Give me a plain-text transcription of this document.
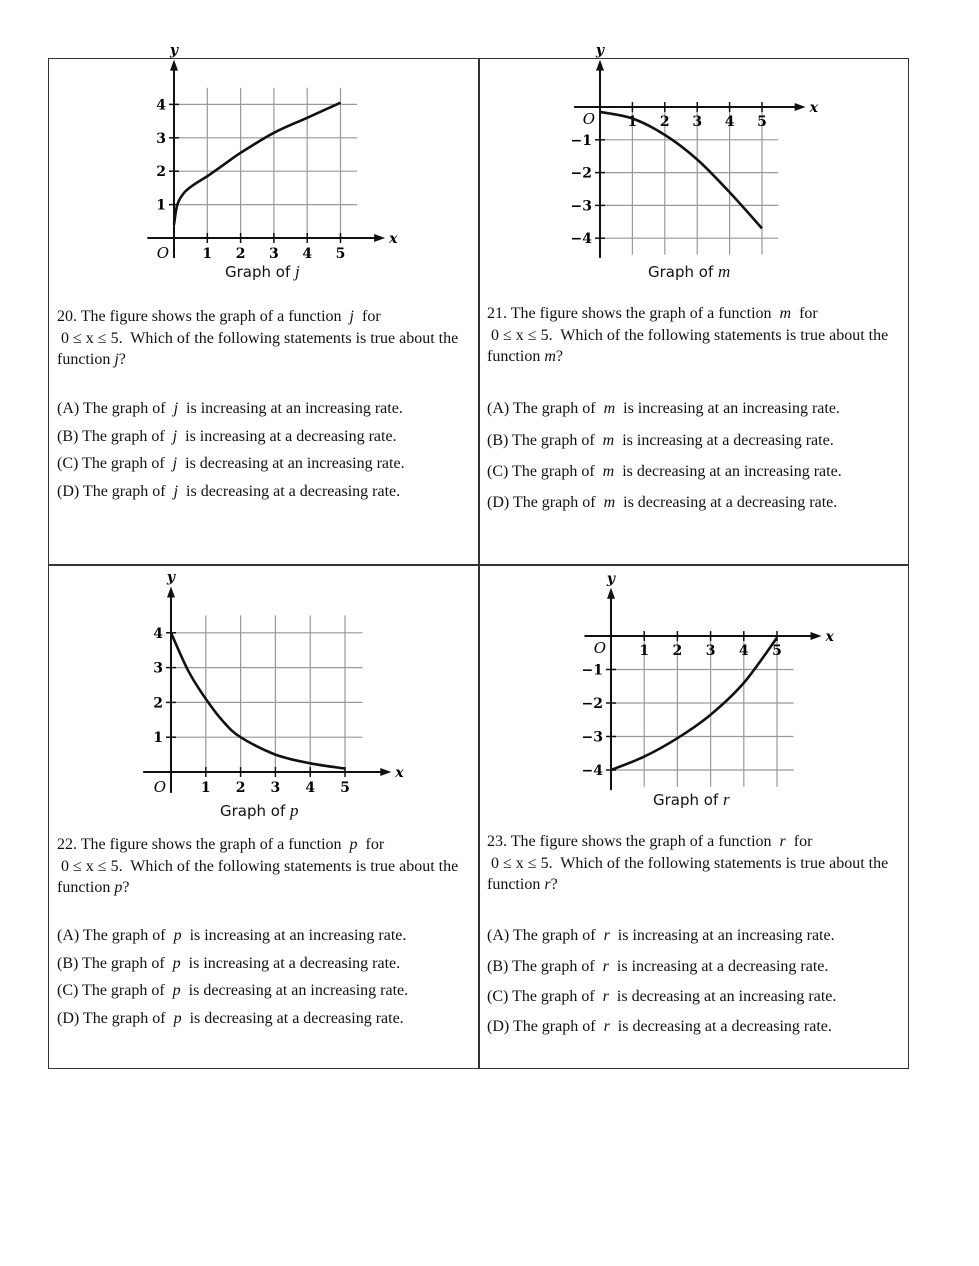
1 2 3 4 5
1
2
3
4
O
x
y
Graph of j
20. The figure shows the graph of a function j for
0 ≤ x ≤ 5. Which of the following statements is true about the function j?
(A) The graph of j is increasing at an increasing rate.
(B) The graph of j is increasing at a decreasing rate.
(C) The graph of j is decreasing at an increasing rate.
(D) The graph of j is decreasing at a decreasing rate.
1 2 3 4 5
−1
−2
−3
−4
O
x
y
Graph of m
21. The figure shows the graph of a function m for
0 ≤ x ≤ 5. Which of the following statements is true about the function m?
(A) The graph of m is increasing at an increasing rate.
(B) The graph of m is increasing at a decreasing rate.
(C) The graph of m is decreasing at an increasing rate.
(D) The graph of m is decreasing at a decreasing rate.
1 2 3 4 5
1
2
3
4
O
x
y
Graph of p
22. The figure shows the graph of a function p for
0 ≤ x ≤ 5. Which of the following statements is true about the function p?
(A) The graph of p is increasing at an increasing rate.
(B) The graph of p is increasing at a decreasing rate.
(C) The graph of p is decreasing at an increasing rate.
(D) The graph of p is decreasing at a decreasing rate.
1 2 3 4 5
−1
−2
−3
−4
O
x
y
Graph of r
23. The figure shows the graph of a function r for
0 ≤ x ≤ 5. Which of the following statements is true about the function r?
(A) The graph of r is increasing at an increasing rate.
(B) The graph of r is increasing at a decreasing rate.
(C) The graph of r is decreasing at an increasing rate.
(D) The graph of r is decreasing at a decreasing rate.
